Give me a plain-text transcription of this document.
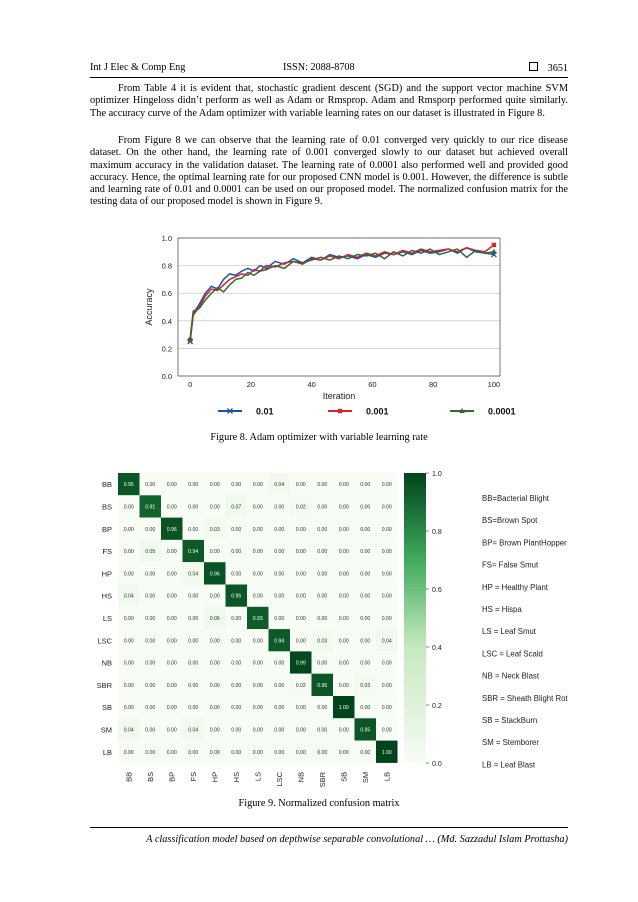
Int J Elec & Comp Eng	ISSN: 2088-8708	3651

From Table 4 it is evident that, stochastic gradient descent (SGD) and the support vector machine SVM optimizer Hingeloss didn’t perform as well as Adam or Rmsprop. Adam and Rmsporp performed quite similarly. The accuracy curve of the Adam optimizer with variable learning rates on our dataset is illustrated in Figure 8.

From Figure 8 we can observe that the learning rate of 0.01 converged very quickly to our rice disease dataset. On the other hand, the learning rate of 0.001 converged slowly to our dataset but achieved overall maximum accuracy in the validation dataset. The learning rate of 0.0001 also performed well and provided good accuracy. Hence, the optimal learning rate for our proposed CNN model is 0.001. However, the difference is subtle and learning rate of 0.01 and 0.0001 can be used on our proposed model. The normalized confusion matrix for the testing data of our proposed model is shown in Figure 9.

0.0
0.2
0.4
0.6
0.8
1.0
0	20	40	60	80	100
Iteration
Accuracy
0.01	0.001	0.0001
Figure 8. Adam optimizer with variable learning rate
0.95 0.00 0.00 0.00 0.00 0.00 0.00 0.04 0.00 0.00 0.00 0.00 0.00
0.00 0.91 0.00 0.00 0.00 0.07 0.00 0.00 0.02 0.00 0.00 0.00 0.00
0.00 0.00 0.96 0.00 0.03 0.00 0.00 0.00 0.00 0.00 0.00 0.00 0.00
0.00 0.05 0.00 0.94 0.00 0.00 0.00 0.00 0.00 0.00 0.00 0.00 0.00
0.00 0.00 0.00 0.04 0.96 0.00 0.00 0.00 0.00 0.00 0.00 0.00 0.00
0.04 0.00 0.00 0.00 0.00 0.95 0.00 0.00 0.00 0.00 0.00 0.00 0.00
0.00 0.00 0.00 0.00 0.06 0.00 0.93 0.00 0.00 0.00 0.00 0.00 0.00
0.00 0.00 0.00 0.00 0.00 0.00 0.00 0.94 0.00 0.03 0.00 0.00 0.04
0.00 0.00 0.00 0.00 0.00 0.00 0.00 0.00 0.99 0.00 0.00 0.00 0.00
0.00 0.00 0.00 0.00 0.00 0.00 0.00 0.00 0.02 0.95 0.00 0.03 0.00
0.00 0.00 0.00 0.00 0.00 0.00 0.00 0.00 0.00 0.00 1.00 0.00 0.00
0.04 0.00 0.00 0.04 0.00 0.00 0.00 0.00 0.00 0.00 0.00 0.95 0.00
0.00 0.00 0.00 0.00 0.00 0.00 0.00 0.00 0.00 0.00 0.00 0.00 1.00
BB
BB
BS
BS
BP
BP
FS
FS
HP
HP
HS
HS
LS
LS
LSC
LSC
NB
NB
SBR
SBR
SB
SB
SM
SM
LB
LB
1.0
0.8
0.6
0.4
0.2
0.0
BB=Bacterial Blight
BS=Brown Spot
BP= Brown PlantHopper
FS= False Smut
HP = Healthy Plant
HS = Hispa
LS = Leaf Smut
LSC = Leaf Scald
NB = Neck Blast
SBR = Sheath Blight Rot
SB = StackBurn
SM = Stemborer
LB = Leaf Blast
Figure 9. Normalized confusion matrix
A classification model based on depthwise separable convolutional … (Md. Sazzadul Islam Prottasha)
